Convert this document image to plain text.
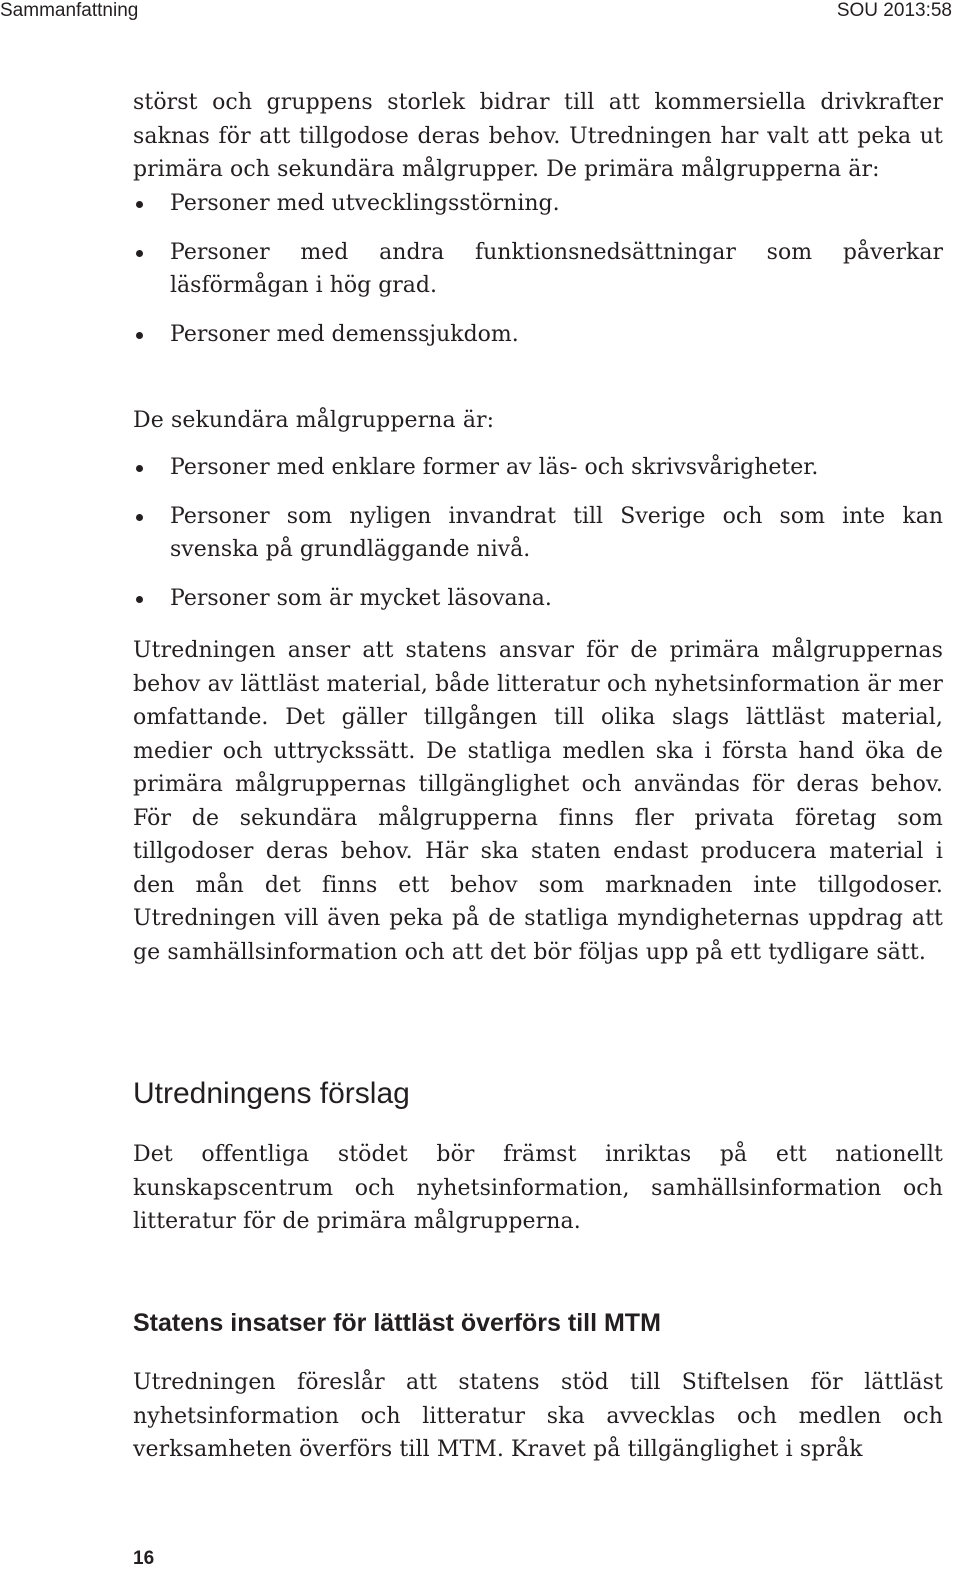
Sammanfattning	SOU 2013:58

störst och gruppens storlek bidrar till att kommersiella drivkrafter saknas för att tillgodose deras behov. Utredningen har valt att peka ut primära och sekundära målgrupper. De primära målgrupperna är:

Personer med utvecklingsstörning.
Personer med andra funktionsnedsättningar som påverkar läsförmågan i hög grad.
Personer med demenssjukdom.

De sekundära målgrupperna är:

Personer med enklare former av läs- och skrivsvårigheter.
Personer som nyligen invandrat till Sverige och som inte kan svenska på grundläggande nivå.
Personer som är mycket läsovana.

Utredningen anser att statens ansvar för de primära målgruppernas behov av lättläst material, både litteratur och nyhetsinformation är mer omfattande. Det gäller tillgången till olika slags lättläst material, medier och uttryckssätt. De statliga medlen ska i första hand öka de primära målgruppernas tillgänglighet och användas för deras behov. För de sekundära målgrupperna finns fler privata företag som tillgodoser deras behov. Här ska staten endast producera material i den mån det finns ett behov som marknaden inte tillgodoser. Utredningen vill även peka på de statliga myndigheternas uppdrag att ge samhällsinformation och att det bör följas upp på ett tydligare sätt.

Utredningens förslag

Det offentliga stödet bör främst inriktas på ett nationellt kunskapscentrum och nyhetsinformation, samhällsinformation och litteratur för de primära målgrupperna.

Statens insatser för lättläst överförs till MTM

Utredningen föreslår att statens stöd till Stiftelsen för lättläst nyhetsinformation och litteratur ska avvecklas och medlen och verksamheten överförs till MTM. Kravet på tillgänglighet i språk

16
